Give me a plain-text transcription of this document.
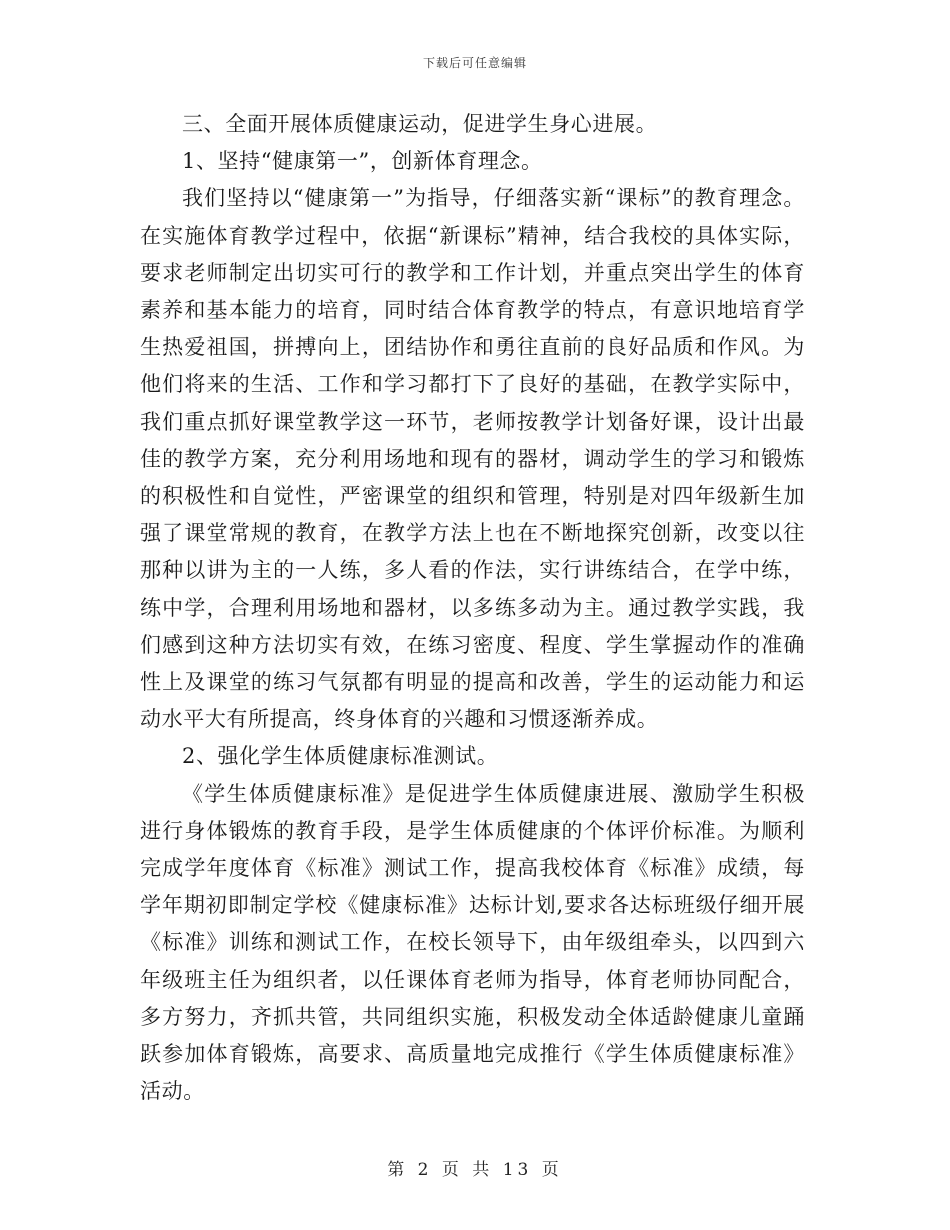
下载后可任意编辑

三、全面开展体质健康运动，促进学生身心进展。

1、坚持“健康第一”，创新体育理念。

我们坚持以“健康第一”为指导，仔细落实新“课标”的教育理念。在实施体育教学过程中，依据“新课标”精神，结合我校的具体实际，要求老师制定出切实可行的教学和工作计划，并重点突出学生的体育素养和基本能力的培育，同时结合体育教学的特点，有意识地培育学生热爱祖国，拼搏向上，团结协作和勇往直前的良好品质和作风。为他们将来的生活、工作和学习都打下了良好的基础，在教学实际中，我们重点抓好课堂教学这一环节，老师按教学计划备好课，设计出最佳的教学方案，充分利用场地和现有的器材，调动学生的学习和锻炼的积极性和自觉性，严密课堂的组织和管理，特别是对四年级新生加强了课堂常规的教育，在教学方法上也在不断地探究创新，改变以往那种以讲为主的一人练，多人看的作法，实行讲练结合，在学中练，练中学，合理利用场地和器材，以多练多动为主。通过教学实践，我们感到这种方法切实有效，在练习密度、程度、学生掌握动作的准确性上及课堂的练习气氛都有明显的提高和改善，学生的运动能力和运动水平大有所提高，终身体育的兴趣和习惯逐渐养成。

2、强化学生体质健康标准测试。

《学生体质健康标准》是促进学生体质健康进展、激励学生积极进行身体锻炼的教育手段，是学生体质健康的个体评价标准。为顺利完成学年度体育《标准》测试工作，提高我校体育《标准》成绩，每学年期初即制定学校《健康标准》达标计划,要求各达标班级仔细开展《标准》训练和测试工作，在校长领导下，由年级组牵头，以四到六年级班主任为组织者，以任课体育老师为指导，体育老师协同配合，多方努力，齐抓共管，共同组织实施，积极发动全体适龄健康儿童踊跃参加体育锻炼，高要求、高质量地完成推行《学生体质健康标准》活动。

第 2 页 共 13 页
